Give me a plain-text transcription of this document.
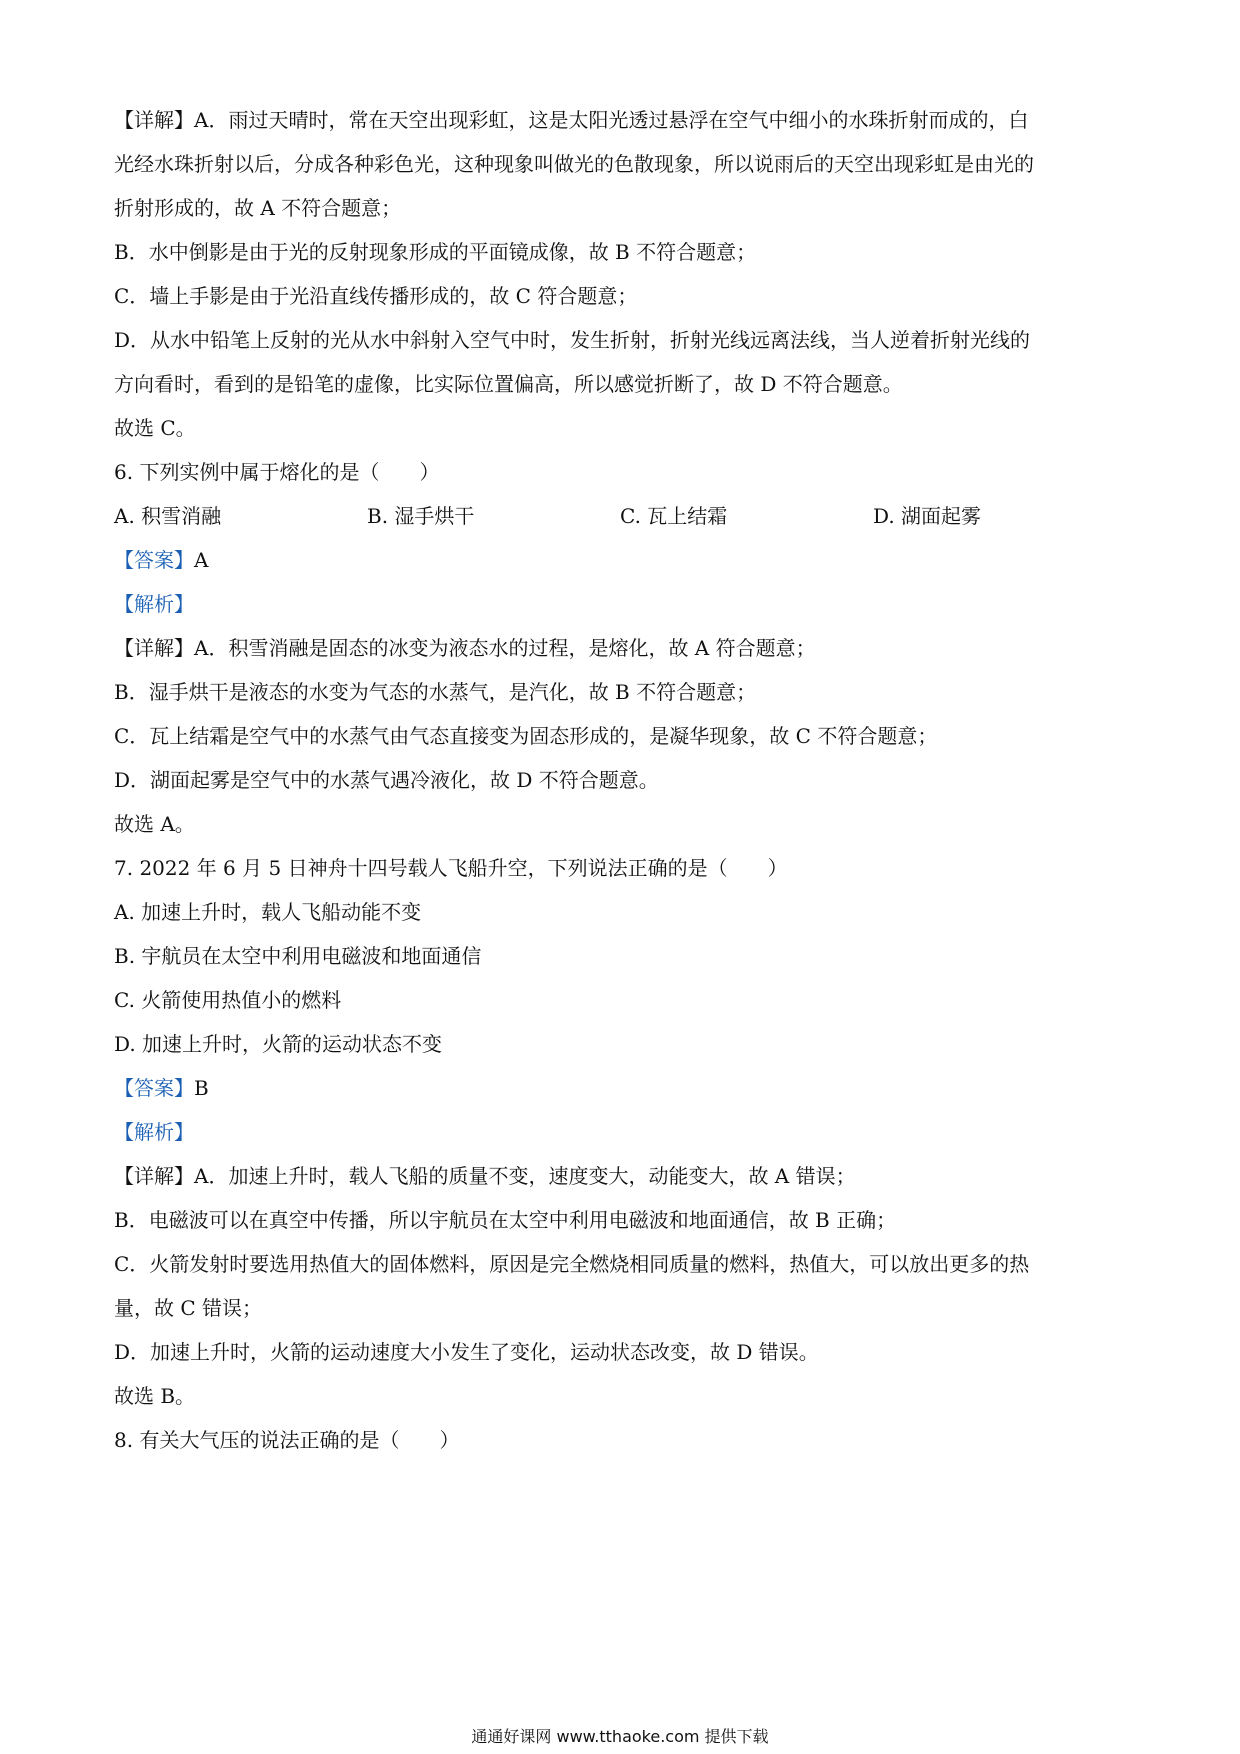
【详解】A．雨过天晴时，常在天空出现彩虹，这是太阳光透过悬浮在空气中细小的水珠折射而成的，白
光经水珠折射以后，分成各种彩色光，这种现象叫做光的色散现象，所以说雨后的天空出现彩虹是由光的
折射形成的，故 A 不符合题意；
B．水中倒影是由于光的反射现象形成的平面镜成像，故 B 不符合题意；
C．墙上手影是由于光沿直线传播形成的，故 C 符合题意；
D．从水中铅笔上反射的光从水中斜射入空气中时，发生折射，折射光线远离法线，当人逆着折射光线的
方向看时，看到的是铅笔的虚像，比实际位置偏高，所以感觉折断了，故 D 不符合题意。
故选 C。
6. 下列实例中属于熔化的是（　　）
A. 积雪消融	B. 湿手烘干	C. 瓦上结霜	D. 湖面起雾
【答案】A
【解析】
【详解】A．积雪消融是固态的冰变为液态水的过程，是熔化，故 A 符合题意；
B．湿手烘干是液态的水变为气态的水蒸气，是汽化，故 B 不符合题意；
C．瓦上结霜是空气中的水蒸气由气态直接变为固态形成的，是凝华现象，故 C 不符合题意；
D．湖面起雾是空气中的水蒸气遇冷液化，故 D 不符合题意。
故选 A。
7. 2022 年 6 月 5 日神舟十四号载人飞船升空，下列说法正确的是（　　）
A. 加速上升时，载人飞船动能不变
B. 宇航员在太空中利用电磁波和地面通信
C. 火箭使用热值小的燃料
D. 加速上升时，火箭的运动状态不变
【答案】B
【解析】
【详解】A．加速上升时，载人飞船的质量不变，速度变大，动能变大，故 A 错误；
B．电磁波可以在真空中传播，所以宇航员在太空中利用电磁波和地面通信，故 B 正确；
C．火箭发射时要选用热值大的固体燃料，原因是完全燃烧相同质量的燃料，热值大，可以放出更多的热
量，故 C 错误；
D．加速上升时，火箭的运动速度大小发生了变化，运动状态改变，故 D 错误。
故选 B。
8. 有关大气压的说法正确的是（　　）
通通好课网 www.tthaoke.com 提供下载
